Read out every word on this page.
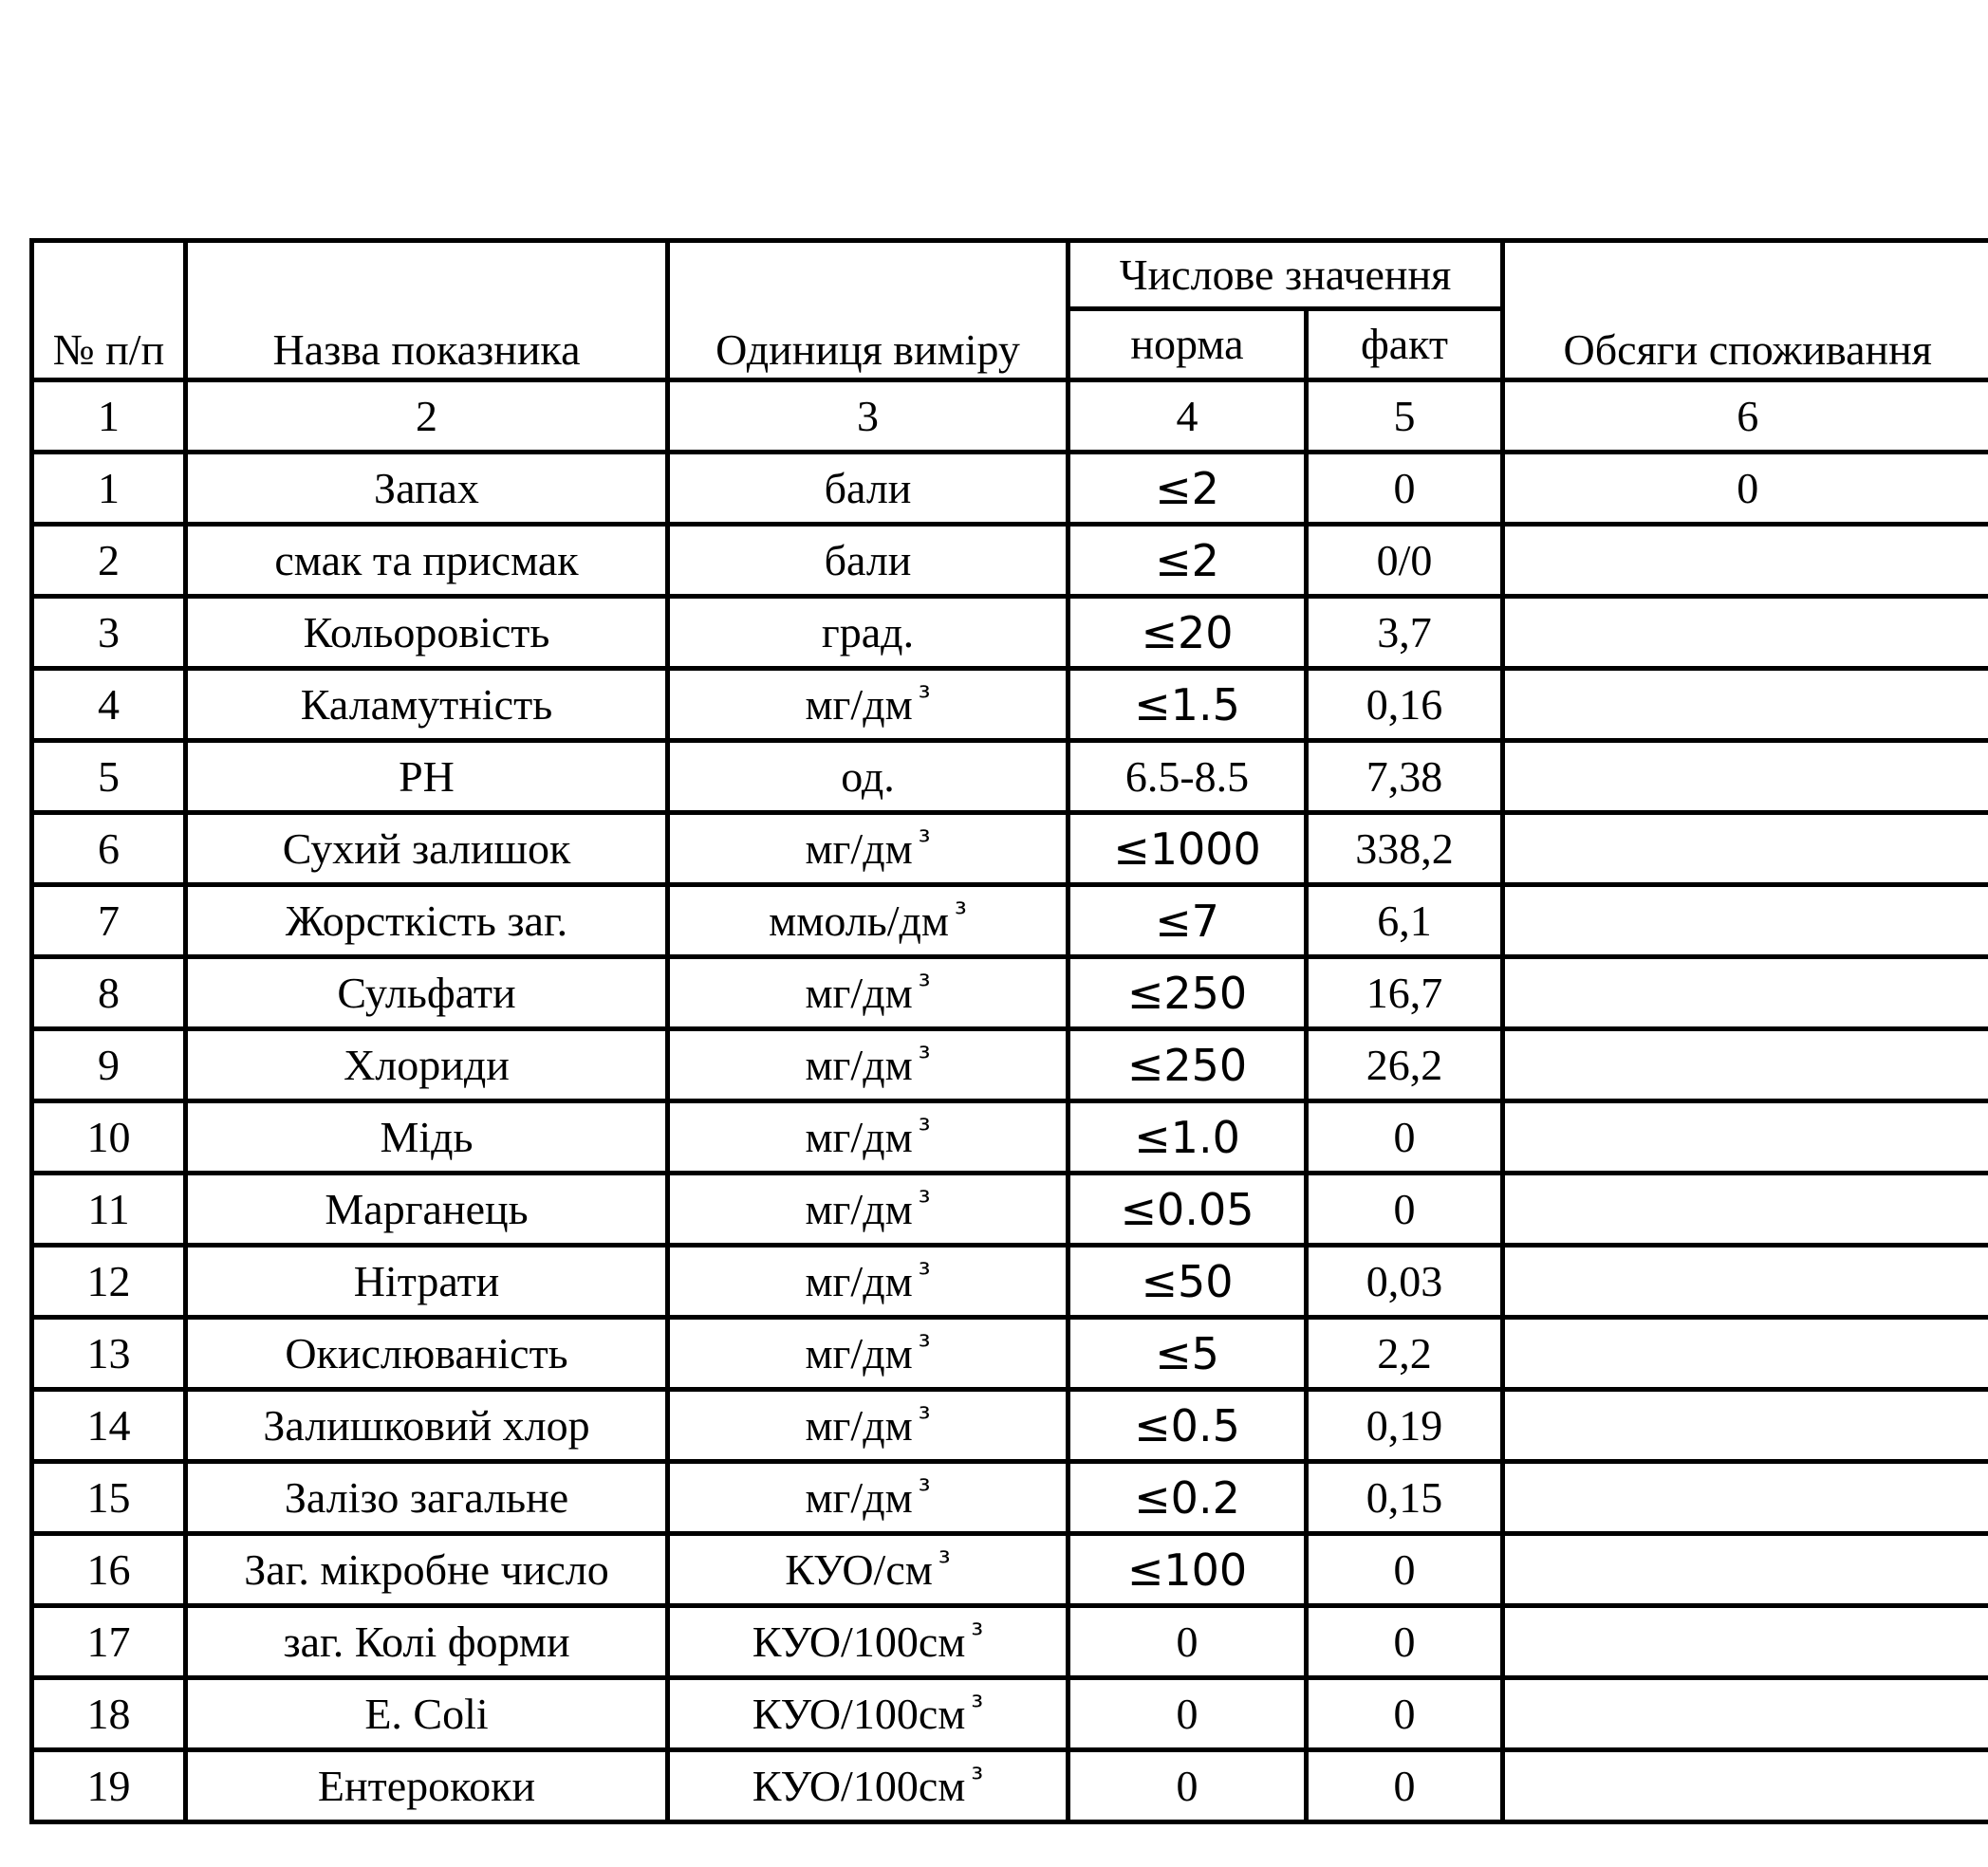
№ п/п	Назва показника	Одиниця виміру	Числове значення		Обсяги споживання
			норма	факт	
1	2	3	4	5	6
1	Запах	бали	≤2	0	0
2	смак та присмак	бали	≤2	0/0	
3	Кольоровість	град.	≤20	3,7	
4	Каламутність	мг/дм $^{^3}$	≤1.5	0,16	
5	PH	од.	6.5-8.5	7,38	
6	Сухий залишок	мг/дм $^{^3}$	≤1000	338,2	
7	Жорсткість заг.	ммоль/дм $^{^3}$	≤7	6,1	
8	Сульфати	мг/дм $^{^3}$	≤250	16,7	
9	Хлориди	мг/дм $^{^3}$	≤250	26,2	
10	Мідь	мг/дм $^{^3}$	≤1.0	0	
11	Марганець	мг/дм $^{^3}$	≤0.05	0	
12	Нітрати	мг/дм $^{^3}$	≤50	0,03	
13	Окислюваність	мг/дм $^{^3}$	≤5	2,2	
14	Залишковий хлор	мг/дм $^{^3}$	≤0.5	0,19	
15	Залізо загальне	мг/дм $^{^3}$	≤0.2	0,15	
16	Заг. мікробне число	КУО/см $^{^3}$	≤100	0	
17	заг. Колі форми	КУО/100см $^{^3}$	0	0	
18	E. Coli	КУО/100см $^{^3}$	0	0	
19	Ентерококи	КУО/100см $^{^3}$	0	0	
